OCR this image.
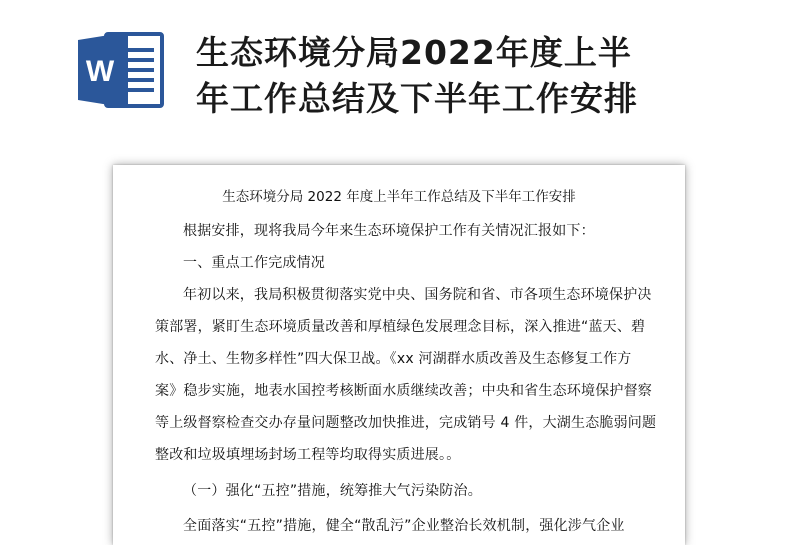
W 生态环境分局2022年度上半
年工作总结及下半年工作安排
生态环境分局 2022 年度上半年工作总结及下半年工作安排

根据安排，现将我局今年来生态环境保护工作有关情况汇报如下：

一、重点工作完成情况

年初以来，我局积极贯彻落实党中央、国务院和省、市各项生态环境保护决

策部署，紧盯生态环境质量改善和厚植绿色发展理念目标，深入推进“蓝天、碧

水、净土、生物多样性”四大保卫战。《xx 河湖群水质改善及生态修复工作方

案》稳步实施，地表水国控考核断面水质继续改善；中央和省生态环境保护督察

等上级督察检查交办存量问题整改加快推进，完成销号 4 件，大湖生态脆弱问题

整改和垃圾填埋场封场工程等均取得实质进展。。

（一）强化“五控”措施，统筹推大气污染防治。

全面落实“五控”措施，健全“散乱污”企业整治长效机制，强化涉气企业
